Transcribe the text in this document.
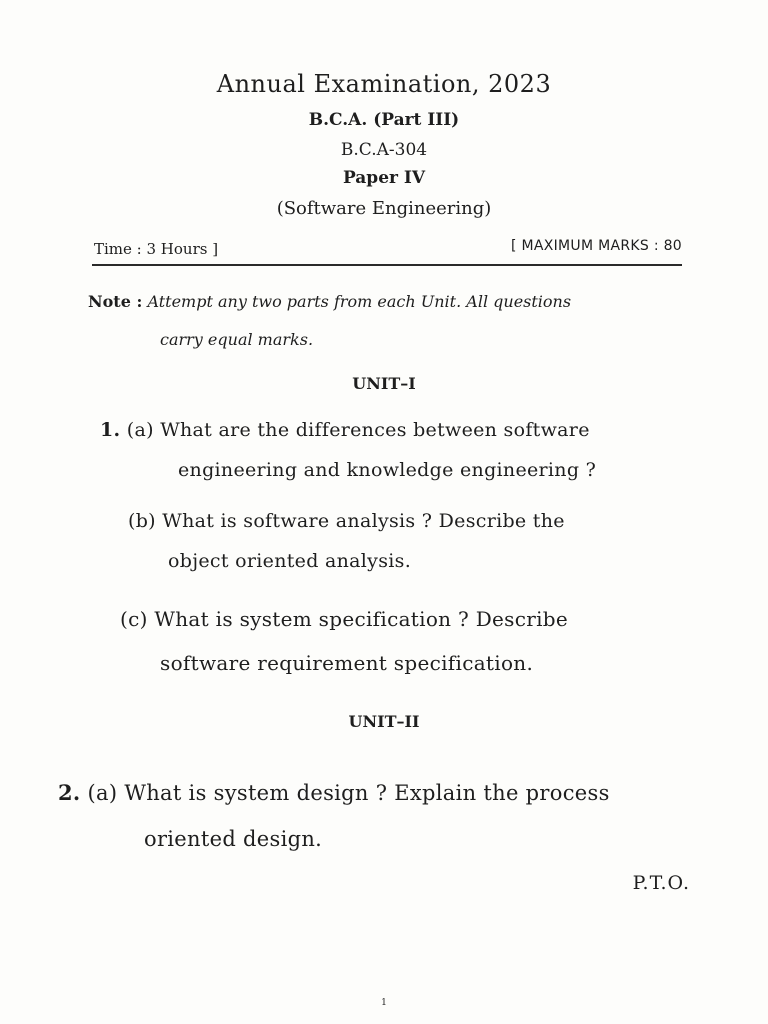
Annual Examination, 2023
B.C.A. (Part III)
B.C.A-304
Paper IV
(Software Engineering)
Time : 3 Hours ]	[ MAXIMUM MARKS : 80
Note : Attempt any two parts from each Unit. All questions
carry equal marks.
UNIT–I
1. (a) What are the differences between software
engineering and knowledge engineering ?
(b) What is software analysis ? Describe the
object oriented analysis.
(c) What is system specification ? Describe
software requirement specification.
UNIT–II
2. (a) What is system design ? Explain the process
oriented design.
P.T.O.
1
